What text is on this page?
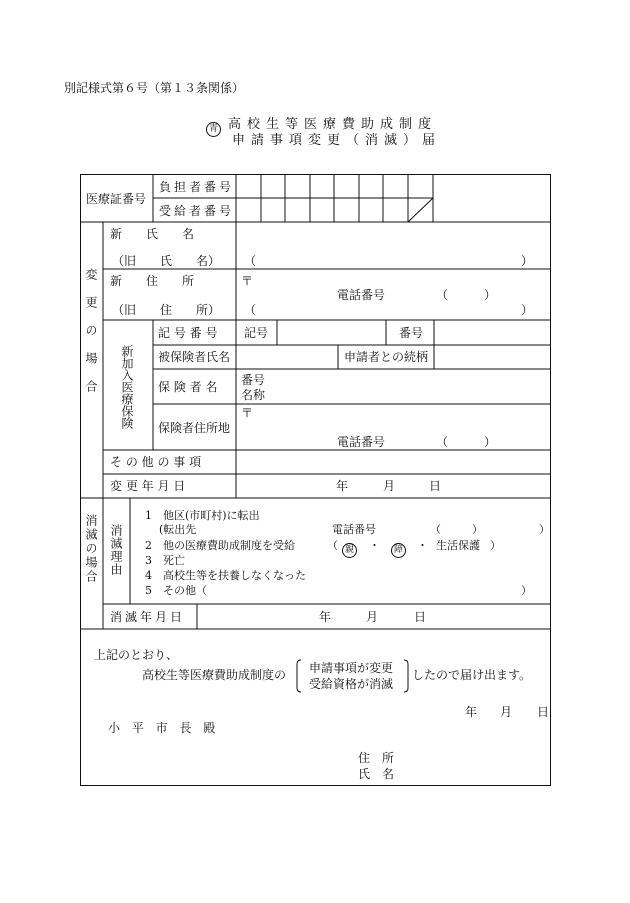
別記様式第６号（第１３条関係）
青 高校生等医療費助成制度
申請事項変更（消滅）届
医療証番号
負担者番号
受給者番号
変更の場合
新　　氏　　名
（旧　　氏　　名） （	）
新　　住　　所	〒
電話番号	（　　　）
（旧　　住　　所） （	）
新加入医療保険
記 号 番 号 記号	番号
被保険者氏名	申請者との続柄
保 険 者 名 番号
名称
保険者住所地
〒
電話番号	（　　　）
そ の 他 の 事 項
変 更 年 月 日	年	月	日
消滅の場合 消滅理由
1　他区(市町村)に転出
(転出先	電話番号	（	）	）
2　他の医療費助成制度を受給	（ 親 ・	障 ・ 生活保護 ）
3　死亡
4　高校生等を扶養しなくなった
5　その他（	）
消滅年月日	年	月	日
上記のとおり、
高校生等医療費助成制度の 申請事項が変更
受給資格が消滅
したので届け出ます。
年 月 日
小 平 市 長 殿
住　所
氏　名
